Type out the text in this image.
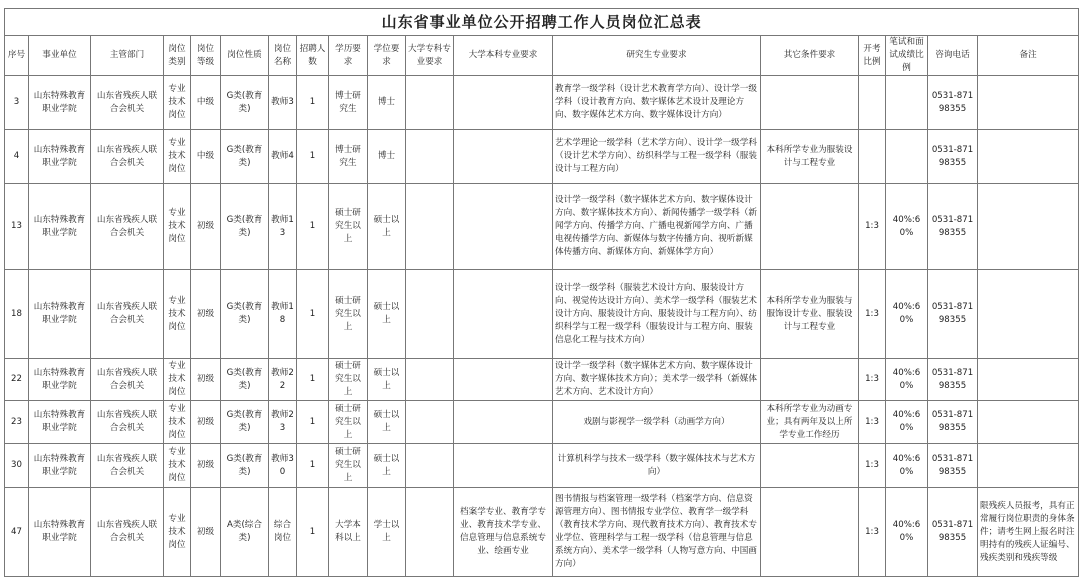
山东省事业单位公开招聘工作人员岗位汇总表																	
序号	事业单位	主管部门	岗位类别	岗位等级	岗位性质	岗位名称	招聘人数	学历要求	学位要求	大学专科专业要求	大学本科专业要求	研究生专业要求	其它条件要求	开考比例	笔试和面试成绩比例	咨询电话	备注
3	山东特殊教育职业学院	山东省残疾人联合会机关	专业技术岗位	中级	G类(教育类)	教师3	1	博士研究生	博士			教育学一级学科（设计艺术教育学方向）、设计学一级学科（设计教育方向、数字媒体艺术设计及理论方向、数字媒体艺术方向、数字媒体设计方向）				0531-87198355	
4	山东特殊教育职业学院	山东省残疾人联合会机关	专业技术岗位	中级	G类(教育类)	教师4	1	博士研究生	博士			艺术学理论一级学科（艺术学方向）、设计学一级学科（设计艺术学方向）、纺织科学与工程一级学科（服装设计与工程方向）	本科所学专业为服装设计与工程专业			0531-87198355	
13	山东特殊教育职业学院	山东省残疾人联合会机关	专业技术岗位	初级	G类(教育类)	教师13	1	硕士研究生以上	硕士以上			设计学一级学科（数字媒体艺术方向、数字媒体设计方向、数字媒体技术方向）、新闻传播学一级学科（新闻学方向、传播学方向、广播电视新闻学方向、广播电视传播学方向、新媒体与数字传播方向、视听新媒体传播方向、新媒体方向、新媒体学方向）		1:3	40%:60%	0531-87198355	
18	山东特殊教育职业学院	山东省残疾人联合会机关	专业技术岗位	初级	G类(教育类)	教师18	1	硕士研究生以上	硕士以上			设计学一级学科（服装艺术设计方向、服装设计方向、视觉传达设计方向）、美术学一级学科（服装艺术设计方向、服装设计方向、服装设计与工程方向）、纺织科学与工程一级学科（服装设计与工程方向、服装信息化工程与技术方向）	本科所学专业为服装与服饰设计专业、服装设计与工程专业	1:3	40%:60%	0531-87198355	
22	山东特殊教育职业学院	山东省残疾人联合会机关	专业技术岗位	初级	G类(教育类)	教师22	1	硕士研究生以上	硕士以上			设计学一级学科（数字媒体艺术方向、数字媒体设计方向、数字媒体技术方向）；美术学一级学科（新媒体艺术方向、艺术设计方向）		1:3	40%:60%	0531-87198355	
23	山东特殊教育职业学院	山东省残疾人联合会机关	专业技术岗位	初级	G类(教育类)	教师23	1	硕士研究生以上	硕士以上			戏剧与影视学一级学科（动画学方向）	本科所学专业为动画专业；具有两年及以上所学专业工作经历	1:3	40%:60%	0531-87198355	
30	山东特殊教育职业学院	山东省残疾人联合会机关	专业技术岗位	初级	G类(教育类)	教师30	1	硕士研究生以上	硕士以上			计算机科学与技术一级学科（数字媒体技术与艺术方向）		1:3	40%:60%	0531-87198355	
47	山东特殊教育职业学院	山东省残疾人联合会机关	专业技术岗位	初级	A类(综合类)	综合岗位	1	大学本科以上	学士以上		档案学专业、教育学专业、教育技术学专业、信息管理与信息系统专业、绘画专业	图书情报与档案管理一级学科（档案学方向、信息资源管理方向）、图书情报专业学位、教育学一级学科（教育技术学方向、现代教育技术方向）、教育技术专业学位、管理科学与工程一级学科（信息管理与信息系统方向）、美术学一级学科（人物写意方向、中国画方向）		1:3	40%:60%	0531-87198355	限残疾人员报考，具有正常履行岗位职责的身体条件；请考生网上报名时注明持有的残疾人证编号、残疾类别和残疾等级
